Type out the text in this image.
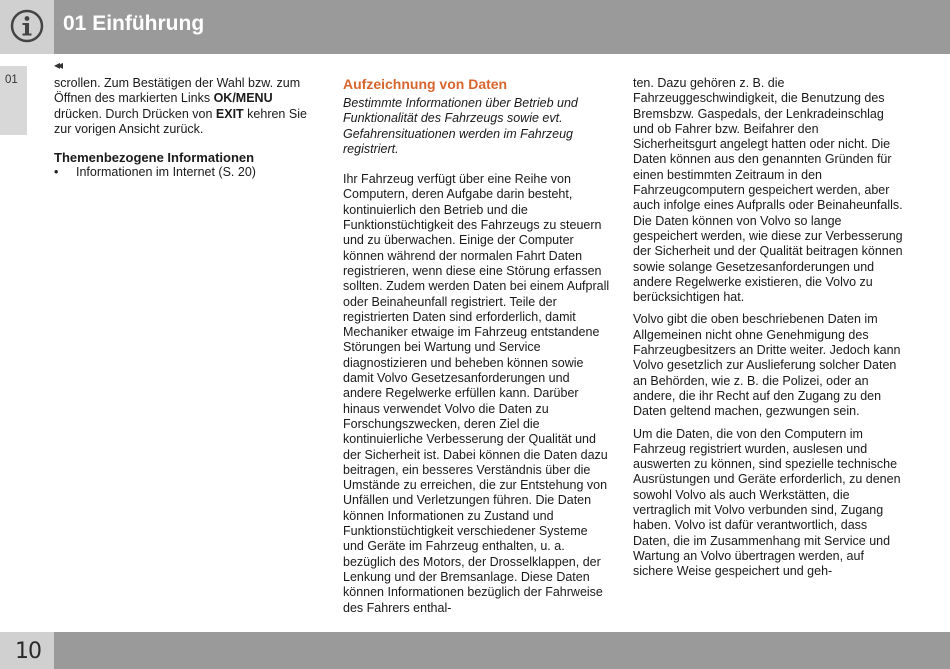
01 Einführung
01
◂◂

scrollen. Zum Bestätigen der Wahl bzw. zum Öffnen des markierten Links OK/MENU drücken. Durch Drücken von EXIT kehren Sie zur vorigen Ansicht zurück.

Themenbezogene Informationen

•	Informationen im Internet (S. 20)

Aufzeichnung von Daten

Bestimmte Informationen über Betrieb und Funktionalität des Fahrzeugs sowie evt. Gefahrensituationen werden im Fahrzeug registriert.

Ihr Fahrzeug verfügt über eine Reihe von Computern, deren Aufgabe darin besteht, kontinuierlich den Betrieb und die Funktionstüchtigkeit des Fahrzeugs zu steuern und zu überwachen. Einige der Computer können während der normalen Fahrt Daten registrieren, wenn diese eine Störung erfassen sollten. Zudem werden Daten bei einem Aufprall oder Beinaheunfall registriert. Teile der registrierten Daten sind erforderlich, damit Mechaniker etwaige im Fahrzeug entstandene Störungen bei Wartung und Service diagnostizieren und beheben können sowie damit Volvo Gesetzesanforderungen und andere Regelwerke erfüllen kann. Darüber hinaus verwendet Volvo die Daten zu Forschungszwecken, deren Ziel die kontinuierliche Verbesserung der Qualität und der Sicherheit ist. Dabei können die Daten dazu beitragen, ein besseres Verständnis über die Umstände zu erreichen, die zur Entstehung von Unfällen und Verletzungen führen. Die Daten können Informationen zu Zustand und Funktionstüchtigkeit verschiedener Systeme und Geräte im Fahrzeug enthalten, u. a. bezüglich des Motors, der Drosselklappen, der Lenkung und der Bremsanlage. Diese Daten können Informationen bezüglich der Fahrweise des Fahrers enthal-

ten. Dazu gehören z. B. die Fahrzeuggeschwindigkeit, die Benutzung des Bremsbzw. Gaspedals, der Lenkradeinschlag und ob Fahrer bzw. Beifahrer den Sicherheitsgurt angelegt hatten oder nicht. Die Daten können aus den genannten Gründen für einen bestimmten Zeitraum in den Fahrzeugcomputern gespeichert werden, aber auch infolge eines Aufpralls oder Beinaheunfalls. Die Daten können von Volvo so lange gespeichert werden, wie diese zur Verbesserung der Sicherheit und der Qualität beitragen können sowie solange Gesetzesanforderungen und andere Regelwerke existieren, die Volvo zu berücksichtigen hat.

Volvo gibt die oben beschriebenen Daten im Allgemeinen nicht ohne Genehmigung des Fahrzeugbesitzers an Dritte weiter. Jedoch kann Volvo gesetzlich zur Auslieferung solcher Daten an Behörden, wie z. B. die Polizei, oder an andere, die ihr Recht auf den Zugang zu den Daten geltend machen, gezwungen sein.

Um die Daten, die von den Computern im Fahrzeug registriert wurden, auslesen und auswerten zu können, sind spezielle technische Ausrüstungen und Geräte erforderlich, zu denen sowohl Volvo als auch Werkstätten, die vertraglich mit Volvo verbunden sind, Zugang haben. Volvo ist dafür verantwortlich, dass Daten, die im Zusammenhang mit Service und Wartung an Volvo übertragen werden, auf sichere Weise gespeichert und geh-

10
